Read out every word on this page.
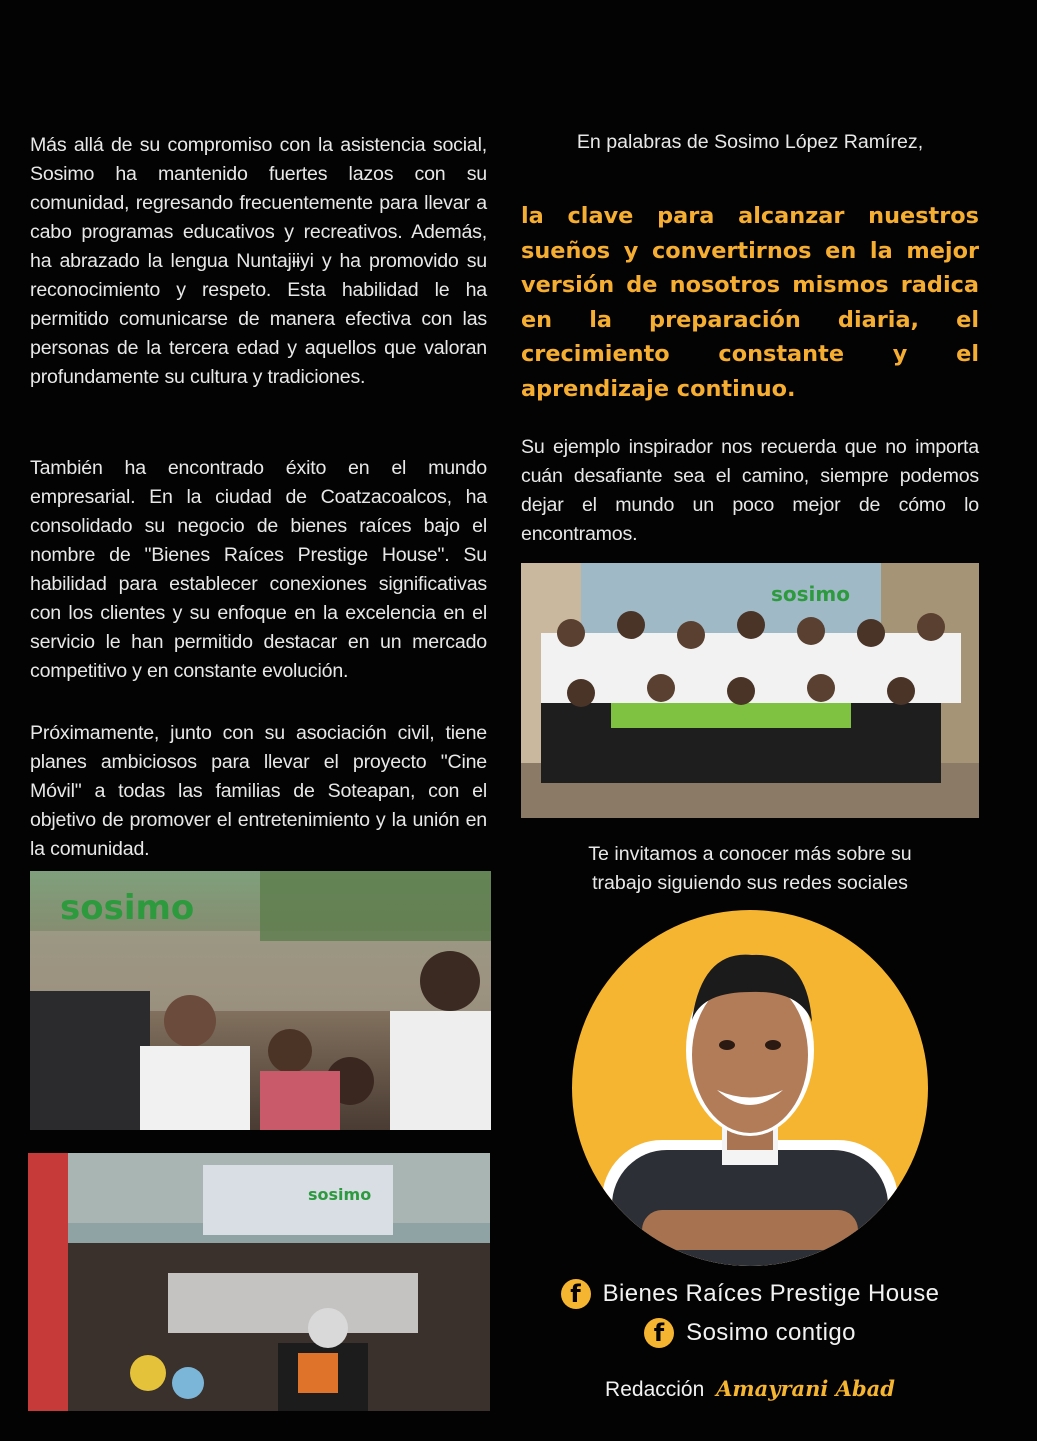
Más allá de su compromiso con la asistencia social, Sosimo ha mantenido fuertes lazos con su comunidad, regresando frecuentemente para llevar a cabo programas educativos y recreativos. Además, ha abrazado la lengua Nuntajɨɨyi y ha promovido su reconocimiento y respeto. Esta habilidad le ha permitido comunicarse de manera efectiva con las personas de la tercera edad y aquellos que valoran profundamente su cultura y tradiciones.

También ha encontrado éxito en el mundo empresarial. En la ciudad de Coatzacoalcos, ha consolidado su negocio de bienes raíces bajo el nombre de "Bienes Raíces Prestige House". Su habilidad para establecer conexiones significativas con los clientes y su enfoque en la excelencia en el servicio le han permitido destacar en un mercado competitivo y en constante evolución.

Próximamente, junto con su asociación civil, tiene planes ambiciosos para llevar el proyecto "Cine Móvil" a todas las familias de Soteapan, con el objetivo de promover el entretenimiento y la unión en la comunidad.

sosimo
sosimo
En palabras de Sosimo López Ramírez,

la clave para alcanzar nuestros sueños y convertirnos en la mejor versión de nosotros mismos radica en la preparación diaria, el crecimiento constante y el aprendizaje continuo.

Su ejemplo inspirador nos recuerda que no importa cuán desafiante sea el camino, siempre podemos dejar el mundo un poco mejor de cómo lo encontramos.

sosimo
Te invitamos a conocer más sobre su
trabajo siguiendo sus redes sociales
f Bienes Raíces Prestige House
f Sosimo contigo
Redacción Amayrani Abad
